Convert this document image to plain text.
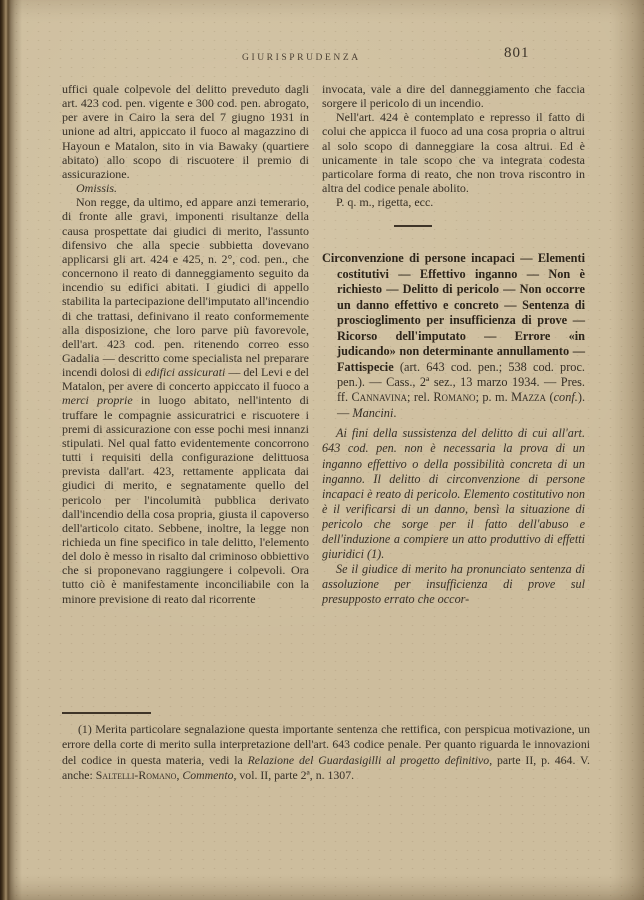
GIURISPRUDENZA	801

uffici quale colpevole del delitto preveduto dagli art. 423 cod. pen. vigente e 300 cod. pen. abrogato, per avere in Cairo la sera del 7 giugno 1931 in unione ad altri, appiccato il fuoco al magazzino di Hayoun e Matalon, sito in via Bawaky (quartiere abitato) allo scopo di riscuotere il premio di assicurazione.

Omissis.

Non regge, da ultimo, ed appare anzi temerario, di fronte alle gravi, imponenti risultanze della causa prospettate dai giudici di merito, l'assunto difensivo che alla specie subbietta dovevano applicarsi gli art. 424 e 425, n. 2°, cod. pen., che concernono il reato di danneggiamento seguito da incendio su edifici abitati. I giudici di appello stabilita la partecipazione dell'imputato all'incendio di che trattasi, definivano il reato conformemente alla disposizione, che loro parve più favorevole, dell'art. 423 cod. pen. ritenendo correo esso Gadalia — descritto come specialista nel preparare incendi dolosi di edifici assicurati — del Levi e del Matalon, per avere di concerto appiccato il fuoco a merci proprie in luogo abitato, nell'intento di truffare le compagnie assicuratrici e riscuotere i premi di assicurazione con esse pochi mesi innanzi stipulati. Nel qual fatto evidentemente concorrono tutti i requisiti della configurazione delittuosa prevista dall'art. 423, rettamente applicata dai giudici di merito, e segnatamente quello del pericolo per l'incolumità pubblica derivato dall'incendio della cosa propria, giusta il capoverso dell'articolo citato. Sebbene, inoltre, la legge non richieda un fine specifico in tale delitto, l'elemento del dolo è messo in risalto dal criminoso obbiettivo che si proponevano raggiungere i colpevoli. Ora tutto ciò è manifestamente inconciliabile con la minore previsione di reato dal ricorrente

invocata, vale a dire del danneggiamento che faccia sorgere il pericolo di un incendio.

Nell'art. 424 è contemplato e represso il fatto di colui che appicca il fuoco ad una cosa propria o altrui al solo scopo di danneggiare la cosa altrui. Ed è unicamente in tale scopo che va integrata codesta particolare forma di reato, che non trova riscontro in altra del codice penale abolito.

P. q. m., rigetta, ecc.

Circonvenzione di persone incapaci — Elementi costitutivi — Effettivo inganno — Non è richiesto — Delitto di pericolo — Non occorre un danno effettivo e concreto — Sentenza di proscioglimento per insufficienza di prove — Ricorso dell'imputato — Errore «in judicando» non determinante annullamento — Fattispecie (art. 643 cod. pen.; 538 cod. proc. pen.). — Cass., 2ª sez., 13 marzo 1934. — Pres. ff. Cannavina; rel. Romano; p. m. Mazza (conf.). — Mancini.

Ai fini della sussistenza del delitto di cui all'art. 643 cod. pen. non è necessaria la prova di un inganno effettivo o della possibilità concreta di un inganno. Il delitto di circonvenzione di persone incapaci è reato di pericolo. Elemento costitutivo non è il verificarsi di un danno, bensì la situazione di pericolo che sorge per il fatto dell'abuso e dell'induzione a compiere un atto produttivo di effetti giuridici (1).

Se il giudice di merito ha pronunciato sentenza di assoluzione per insufficienza di prove sul presupposto errato che occor-

(1) Merita particolare segnalazione questa importante sentenza che rettifica, con perspicua motivazione, un errore della corte di merito sulla interpretazione dell'art. 643 codice penale. Per quanto riguarda le innovazioni del codice in questa materia, vedi la Relazione del Guardasigilli al progetto definitivo, parte II, p. 464. V. anche: Saltelli-Romano, Commento, vol. II, parte 2ª, n. 1307.
